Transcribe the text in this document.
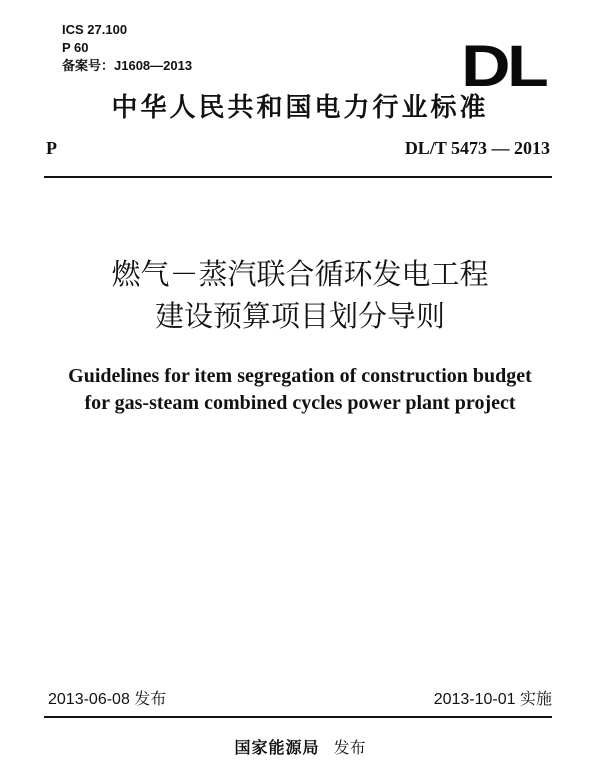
ICS 27.100
P 60
备案号：J1608—2013	DL
中华人民共和国电力行业标准
P	DL/T 5473 — 2013
燃气－蒸汽联合循环发电工程
建设预算项目划分导则
Guidelines for item segregation of construction budget
for gas-steam combined cycles power plant project
2013-06-08 发布	2013-10-01 实施
国家能源局 发布
